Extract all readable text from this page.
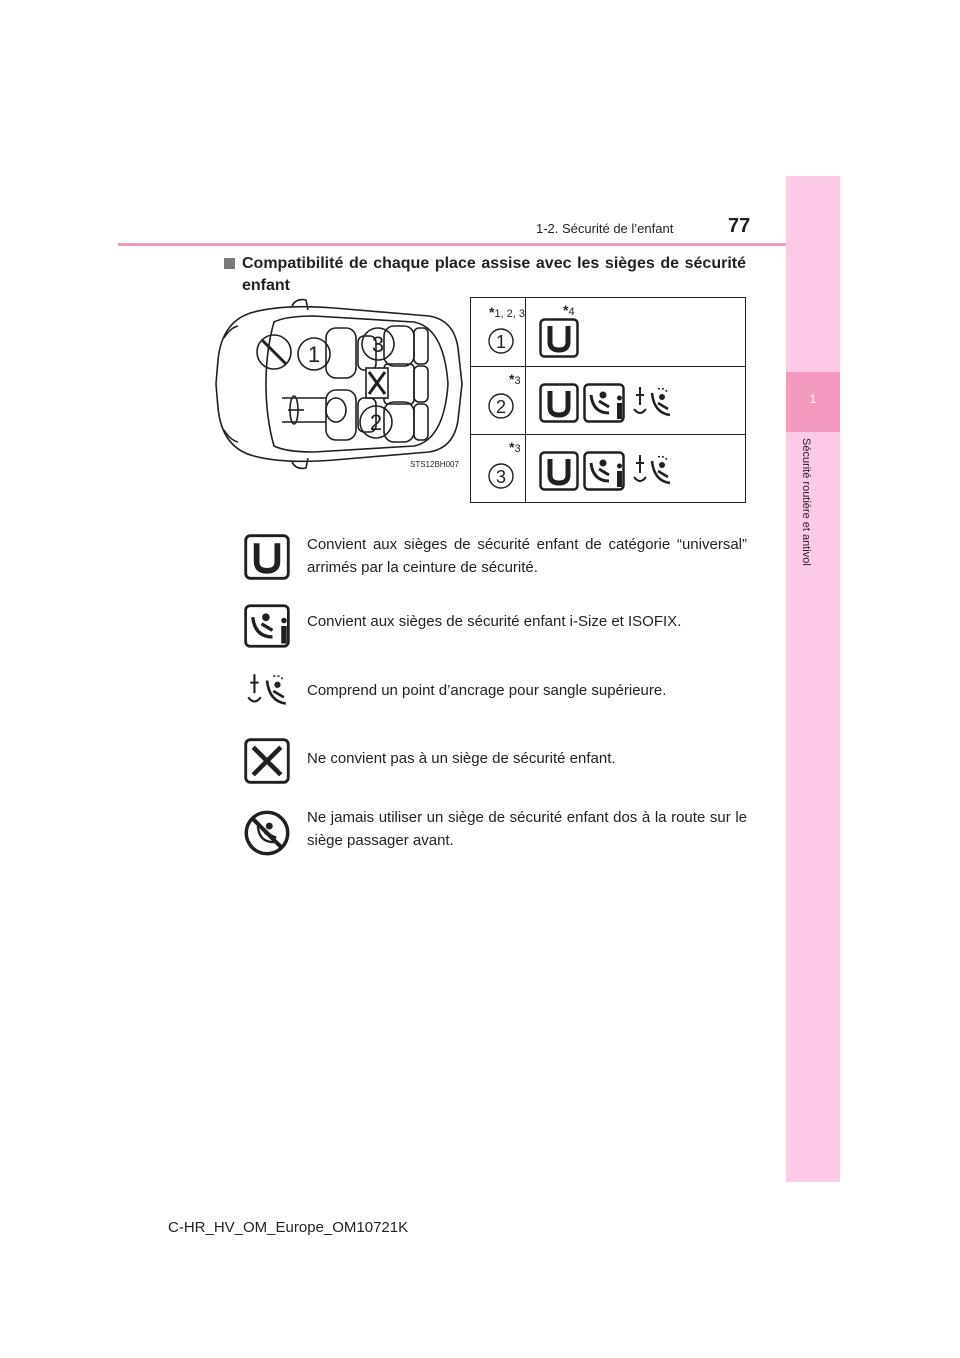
1-2. Sécurité de l’enfant	77
1
Sécurité routière et antivol
Compatibilité de chaque place assise avec les sièges de sécurité enfant
1 3
2
STS12BH007
*1, 2, 3	*4
1
*3
2

*3
3

Convient aux sièges de sécurité enfant de catégorie “universal” arrimés par la ceinture de sécurité.
Convient aux sièges de sécurité enfant i-Size et ISOFIX.
Comprend un point d’ancrage pour sangle supérieure.
Ne convient pas à un siège de sécurité enfant.
Ne jamais utiliser un siège de sécurité enfant dos à la route sur le siège passager avant.
C-HR_HV_OM_Europe_OM10721K
